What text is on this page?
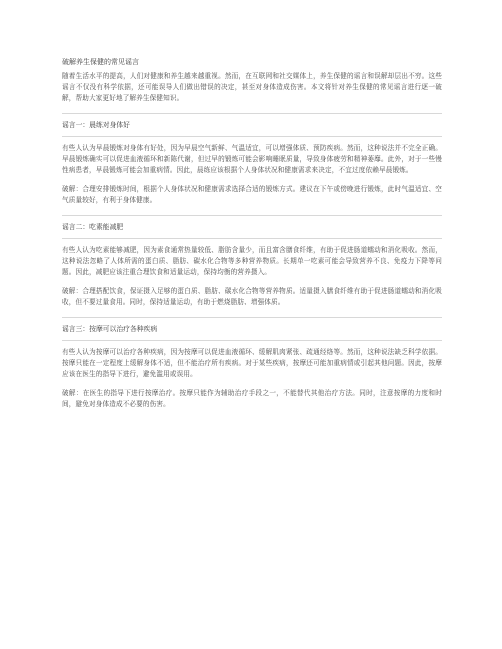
破解养生保健的常见谣言

随着生活水平的提高，人们对健康和养生越来越重视。然而，在互联网和社交媒体上，养生保健的谣言和误解却层出不穷。这些谣言不仅没有科学依据，还可能误导人们做出错误的决定，甚至对身体造成伤害。本文将针对养生保健的常见谣言进行逐一破解，帮助大家更好地了解养生保健知识。

谣言一：晨练对身体好

有些人认为早晨锻炼对身体有好处，因为早晨空气新鲜、气温适宜，可以增强体质、预防疾病。然而，这种说法并不完全正确。早晨锻炼确实可以促进血液循环和新陈代谢，但过早的锻炼可能会影响睡眠质量，导致身体疲劳和精神萎靡。此外，对于一些慢性病患者，早晨锻炼可能会加重病情。因此，晨练应该根据个人身体状况和健康需求来决定，不宜过度依赖早晨锻炼。

破解：合理安排锻炼时间，根据个人身体状况和健康需求选择合适的锻炼方式。建议在下午或傍晚进行锻炼，此时气温适宜、空气质量较好，有利于身体健康。

谣言二：吃素能减肥

有些人认为吃素能够减肥，因为素食通常热量较低、脂肪含量少，而且富含膳食纤维，有助于促进肠道蠕动和消化吸收。然而，这种说法忽略了人体所需的蛋白质、脂肪、碳水化合物等多种营养物质。长期单一吃素可能会导致营养不良、免疫力下降等问题。因此，减肥应该注重合理饮食和适量运动，保持均衡的营养摄入。

破解：合理搭配饮食，保证摄入足够的蛋白质、脂肪、碳水化合物等营养物质。适量摄入膳食纤维有助于促进肠道蠕动和消化吸收，但不要过量食用。同时，保持适量运动，有助于燃烧脂肪、增强体质。

谣言三：按摩可以治疗各种疾病

有些人认为按摩可以治疗各种疾病，因为按摩可以促进血液循环、缓解肌肉紧张、疏通经络等。然而，这种说法缺乏科学依据。按摩只能在一定程度上缓解身体不适，但不能治疗所有疾病。对于某些疾病，按摩还可能加重病情或引起其他问题。因此，按摩应该在医生的指导下进行，避免滥用或误用。

破解：在医生的指导下进行按摩治疗。按摩只能作为辅助治疗手段之一，不能替代其他治疗方法。同时，注意按摩的力度和时间，避免对身体造成不必要的伤害。
